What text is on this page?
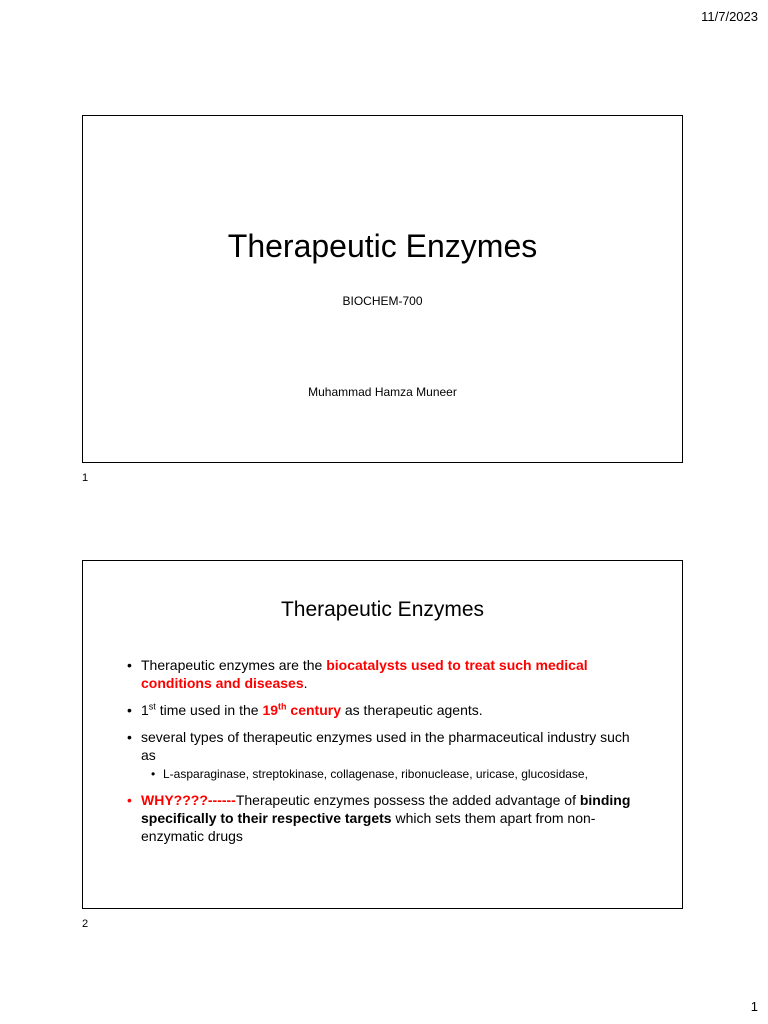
11/7/2023
Therapeutic Enzymes
BIOCHEM-700
Muhammad Hamza Muneer
1
Therapeutic Enzymes
• Therapeutic enzymes are the biocatalysts used to treat such medical conditions and diseases.
• 1st time used in the 19th century as therapeutic agents.
• several types of therapeutic enzymes used in the pharmaceutical industry such as
• L-asparaginase, streptokinase, collagenase, ribonuclease, uricase, glucosidase,
• WHY????------Therapeutic enzymes possess the added advantage of binding specifically to their respective targets which sets them apart from non-enzymatic drugs
2
1
